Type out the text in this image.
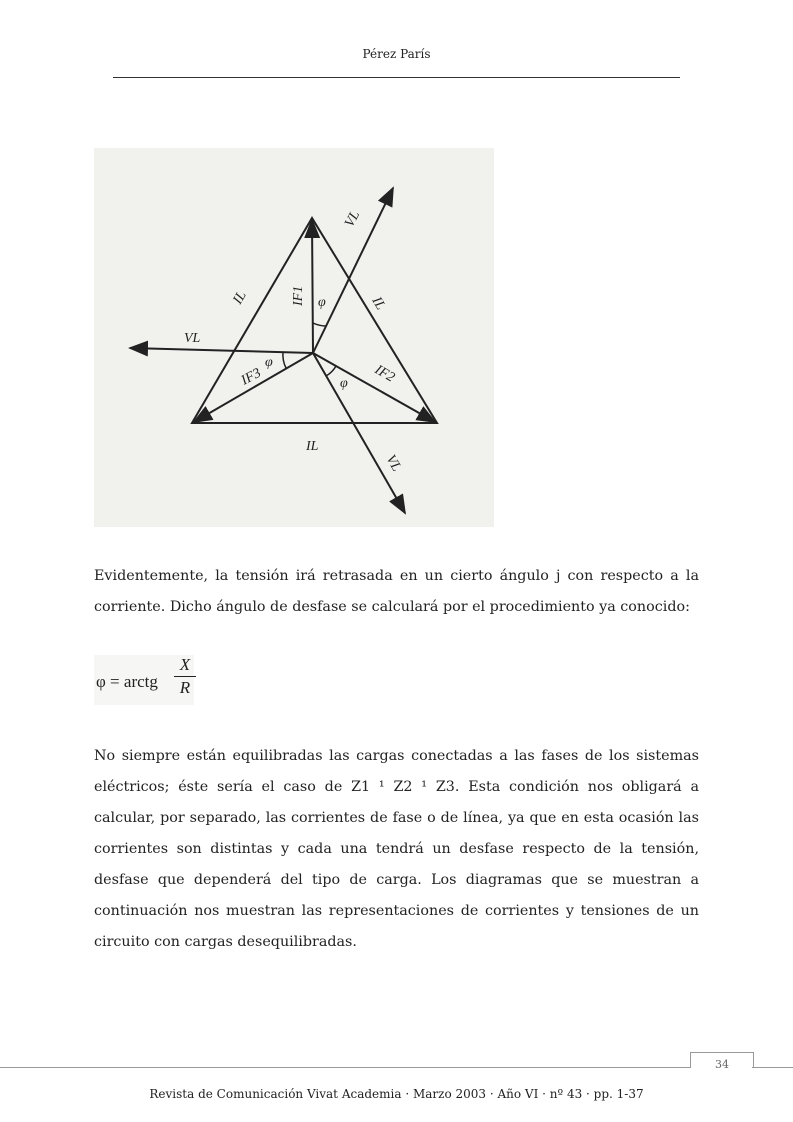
Pérez París
VL
VL
VL
IL	IL
IL
IF1
IF2
IF3
φ
φ
φ
Evidentemente, la tensión irá retrasada en un cierto ángulo j con respecto a la corriente. Dicho ángulo de desfase se calculará por el procedimiento ya conocido:
φ = arctg
X
R
No siempre están equilibradas las cargas conectadas a las fases de los sistemas eléctricos; éste sería el caso de Z1 ¹ Z2 ¹ Z3. Esta condición nos obligará a calcular, por separado, las corrientes de fase o de línea, ya que en esta ocasión las corrientes son distintas y cada una tendrá un desfase respecto de la tensión, desfase que dependerá del tipo de carga. Los diagramas que se muestran a continuación nos muestran las representaciones de corrientes y tensiones de un circuito con cargas desequilibradas.
34
Revista de Comunicación Vivat Academia · Marzo 2003 · Año VI · nº 43 · pp. 1-37
